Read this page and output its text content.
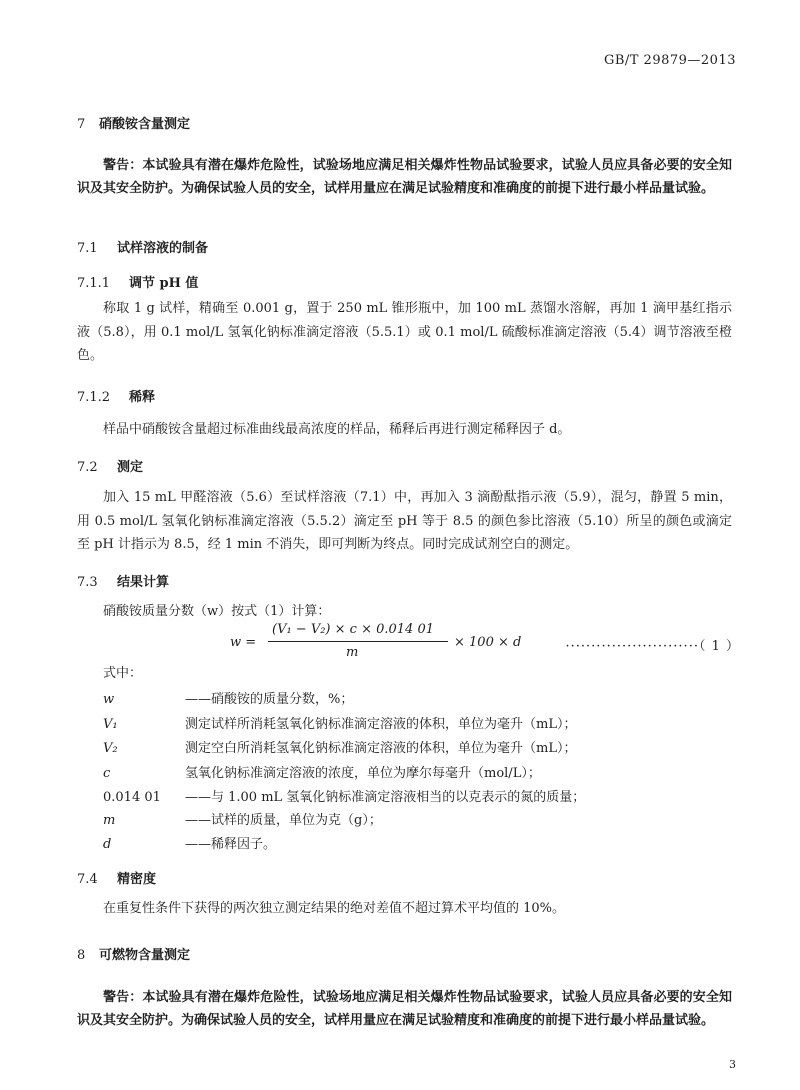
GB/T 29879—2013
7 硝酸铵含量测定
警告：本试验具有潜在爆炸危险性，试验场地应满足相关爆炸性物品试验要求，试验人员应具备必要的安全知识及其安全防护。为确保试验人员的安全，试样用量应在满足试验精度和准确度的前提下进行最小样品量试验。
7.1 试样溶液的制备
7.1.1 调节 pH 值
称取 1 g 试样，精确至 0.001 g，置于 250 mL 锥形瓶中，加 100 mL 蒸馏水溶解，再加 1 滴甲基红指示液（5.8），用 0.1 mol/L 氢氧化钠标准滴定溶液（5.5.1）或 0.1 mol/L 硫酸标准滴定溶液（5.4）调节溶液至橙色。
7.1.2 稀释
样品中硝酸铵含量超过标准曲线最高浓度的样品，稀释后再进行测定稀释因子 d。
7.2 测定
加入 15 mL 甲醛溶液（5.6）至试样溶液（7.1）中，再加入 3 滴酚酞指示液（5.9），混匀，静置 5 min，用 0.5 mol/L 氢氧化钠标准滴定溶液（5.5.2）滴定至 pH 等于 8.5 的颜色参比溶液（5.10）所呈的颜色或滴定至 pH 计指示为 8.5，经 1 min 不消失，即可判断为终点。同时完成试剂空白的测定。
7.3 结果计算
硝酸铵质量分数（w）按式（1）计算：
w =
(V₁ − V₂) × c × 0.014 01
m
× 100 × d	··························（ 1 ）
式中：
w	——硝酸铵的质量分数，%；
V₁	测定试样所消耗氢氧化钠标准滴定溶液的体积，单位为毫升（mL）；
V₂	测定空白所消耗氢氧化钠标准滴定溶液的体积，单位为毫升（mL）；
c	氢氧化钠标准滴定溶液的浓度，单位为摩尔每毫升（mol/L）；
0.014 01 ——与 1.00 mL 氢氧化钠标准滴定溶液相当的以克表示的氮的质量；
m	——试样的质量，单位为克（g）；
d	——稀释因子。
7.4 精密度
在重复性条件下获得的两次独立测定结果的绝对差值不超过算术平均值的 10%。
8 可燃物含量测定
警告：本试验具有潜在爆炸危险性，试验场地应满足相关爆炸性物品试验要求，试验人员应具备必要的安全知识及其安全防护。为确保试验人员的安全，试样用量应在满足试验精度和准确度的前提下进行最小样品量试验。
3
